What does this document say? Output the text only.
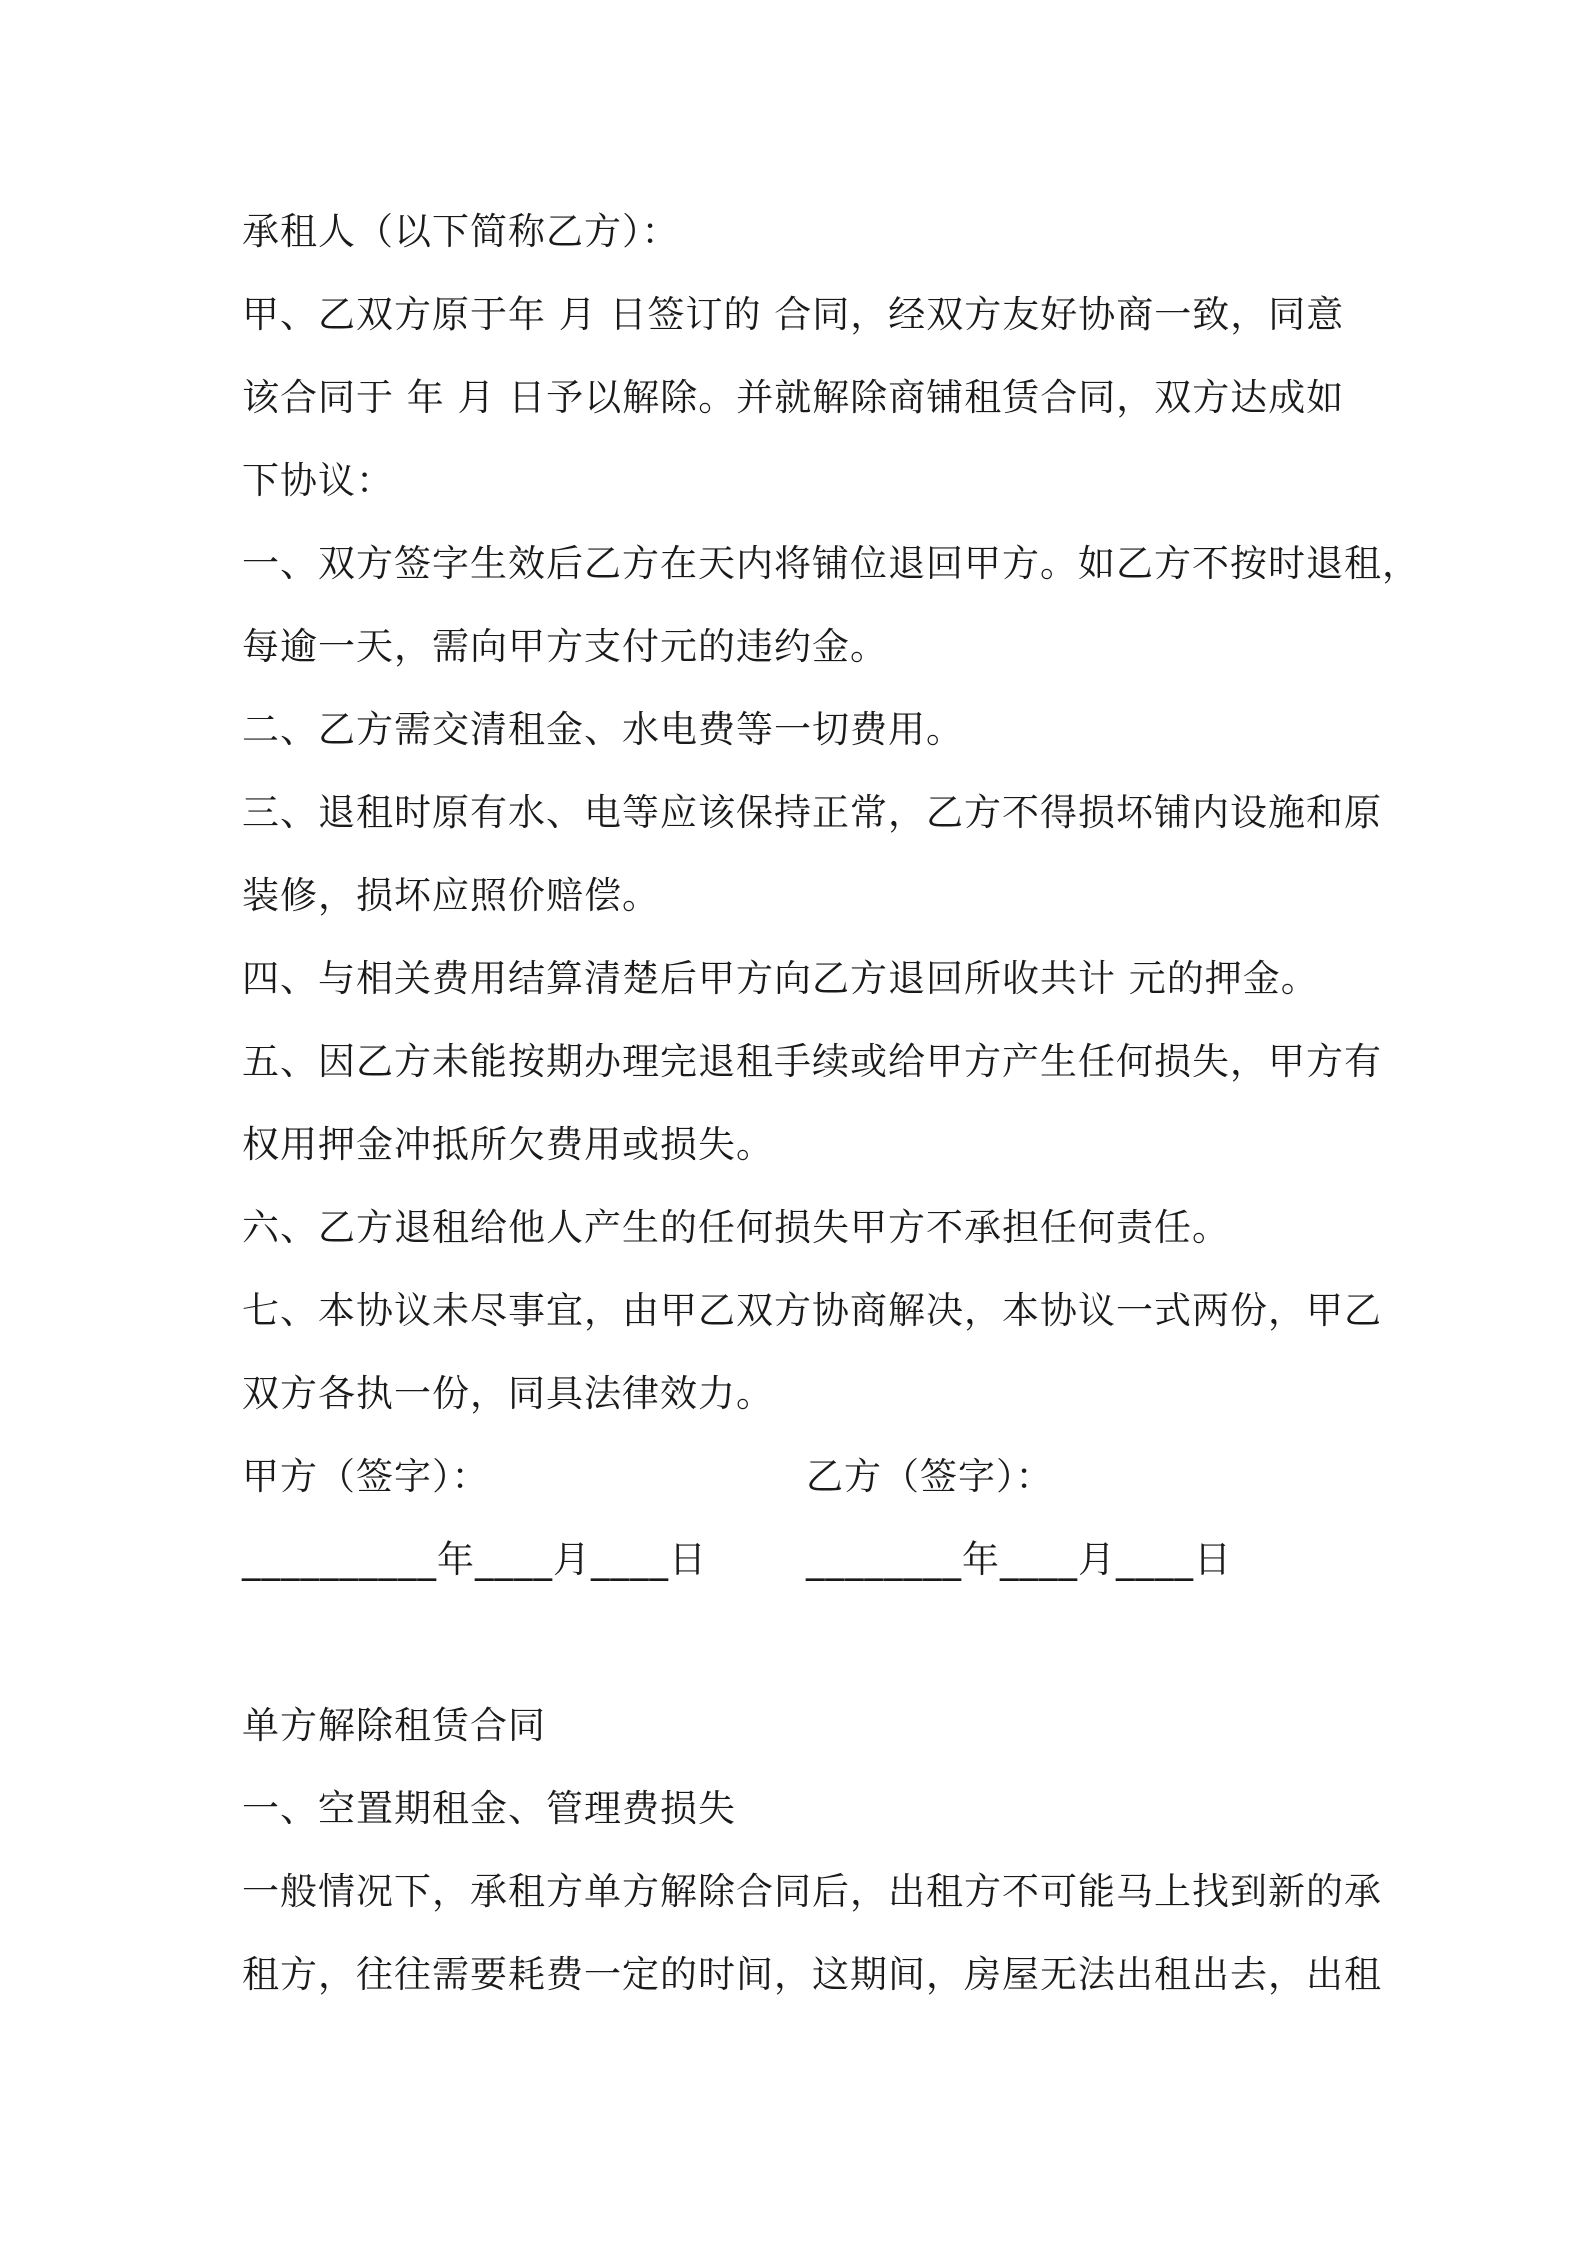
承租人（以下简称乙方）：
甲、乙双方原于年 月 日签订的 合同，经双方友好协商一致，同意
该合同于 年 月 日予以解除。并就解除商铺租赁合同，双方达成如
下协议：
一、双方签字生效后乙方在天内将铺位退回甲方。如乙方不按时退租，
每逾一天，需向甲方支付元的违约金。
二、乙方需交清租金、水电费等一切费用。
三、退租时原有水、电等应该保持正常，乙方不得损坏铺内设施和原
装修，损坏应照价赔偿。
四、与相关费用结算清楚后甲方向乙方退回所收共计 元的押金。
五、因乙方未能按期办理完退租手续或给甲方产生任何损失，甲方有
权用押金冲抵所欠费用或损失。
六、乙方退租给他人产生的任何损失甲方不承担任何责任。
七、本协议未尽事宜，由甲乙双方协商解决，本协议一式两份，甲乙
双方各执一份，同具法律效力。
甲方（签字）：	乙方（签字）：
__________年____月____日	________年____月____日
单方解除租赁合同
一、空置期租金、管理费损失
一般情况下，承租方单方解除合同后，出租方不可能马上找到新的承
租方，往往需要耗费一定的时间，这期间，房屋无法出租出去，出租
